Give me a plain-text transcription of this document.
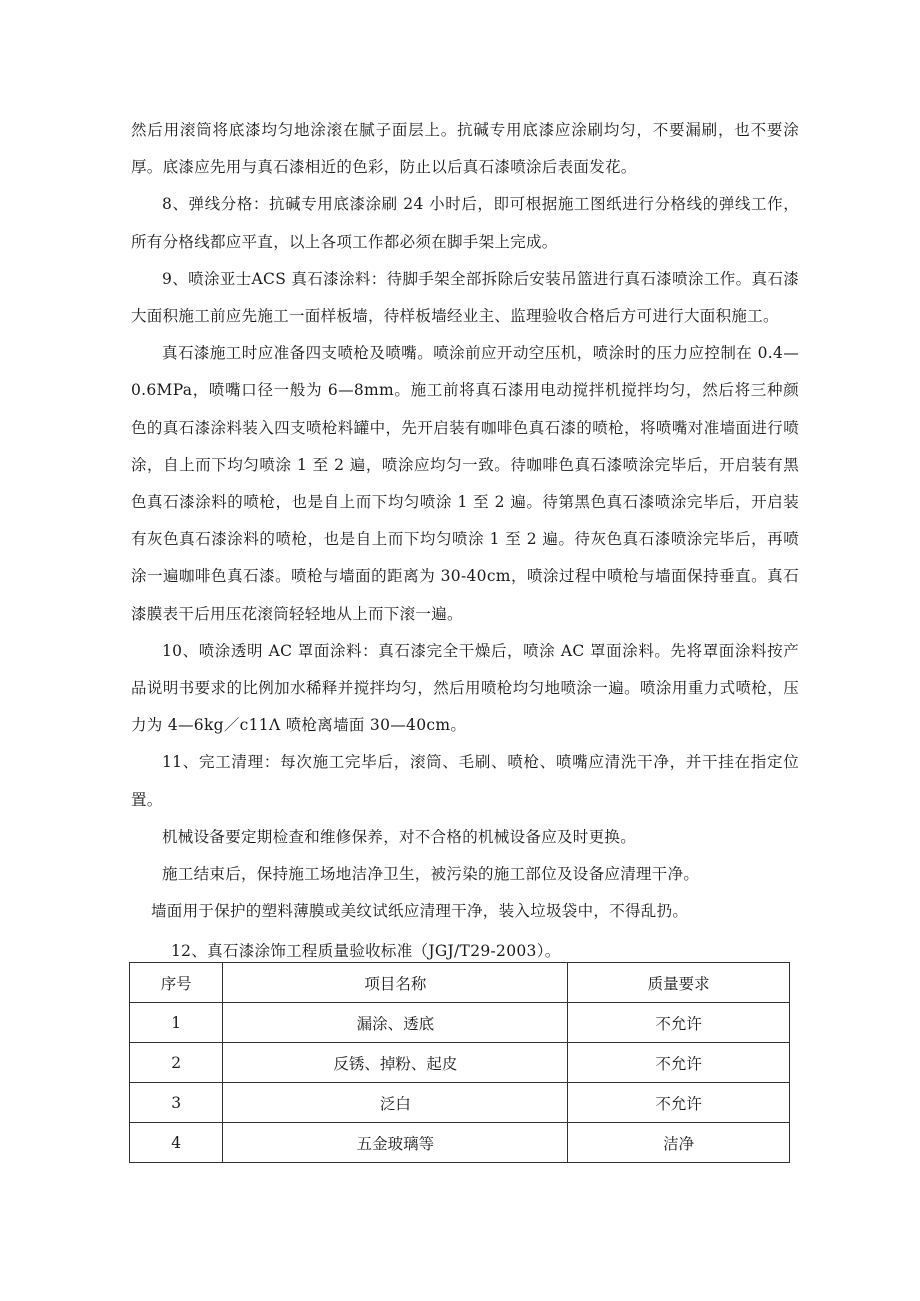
然后用滚筒将底漆均匀地涂滚在腻子面层上。抗碱专用底漆应涂刷均匀，不要漏刷，也不要涂厚。底漆应先用与真石漆相近的色彩，防止以后真石漆喷涂后表面发花。

8、弹线分格：抗碱专用底漆涂刷 24 小时后，即可根据施工图纸进行分格线的弹线工作，所有分格线都应平直，以上各项工作都必须在脚手架上完成。

9、喷涂亚士ACS 真石漆涂料：待脚手架全部拆除后安装吊篮进行真石漆喷涂工作。真石漆大面积施工前应先施工一面样板墙，待样板墙经业主、监理验收合格后方可进行大面积施工。

真石漆施工时应准备四支喷枪及喷嘴。喷涂前应开动空压机，喷涂时的压力应控制在 0.4—0.6MPa，喷嘴口径一般为 6—8mm。施工前将真石漆用电动搅拌机搅拌均匀，然后将三种颜色的真石漆涂料装入四支喷枪料罐中，先开启装有咖啡色真石漆的喷枪，将喷嘴对准墙面进行喷涂，自上而下均匀喷涂 1 至 2 遍，喷涂应均匀一致。待咖啡色真石漆喷涂完毕后，开启装有黑色真石漆涂料的喷枪，也是自上而下均匀喷涂 1 至 2 遍。待第黑色真石漆喷涂完毕后，开启装有灰色真石漆涂料的喷枪，也是自上而下均匀喷涂 1 至 2 遍。待灰色真石漆喷涂完毕后，再喷涂一遍咖啡色真石漆。喷枪与墙面的距离为 30-40cm，喷涂过程中喷枪与墙面保持垂直。真石漆膜表干后用压花滚筒轻轻地从上而下滚一遍。

10、喷涂透明 AC 罩面涂料：真石漆完全干燥后，喷涂 AC 罩面涂料。先将罩面涂料按产品说明书要求的比例加水稀释并搅拌均匀，然后用喷枪均匀地喷涂一遍。喷涂用重力式喷枪，压力为 4—6kg／c11Λ 喷枪离墙面 30—40cm。

11、完工清理：每次施工完毕后，滚筒、毛刷、喷枪、喷嘴应清洗干净，并干挂在指定位置。

机械设备要定期检查和维修保养，对不合格的机械设备应及时更换。

施工结束后，保持施工场地洁净卫生，被污染的施工部位及设备应清理干净。

墙面用于保护的塑料薄膜或美纹试纸应清理干净，装入垃圾袋中，不得乱扔。

12、真石漆涂饰工程质量验收标准（JGJ/T29-2003）。
序号	项目名称	质量要求
1	漏涂、透底	不允许
2	反锈、掉粉、起皮	不允许
3	泛白	不允许
4	五金玻璃等	洁净
